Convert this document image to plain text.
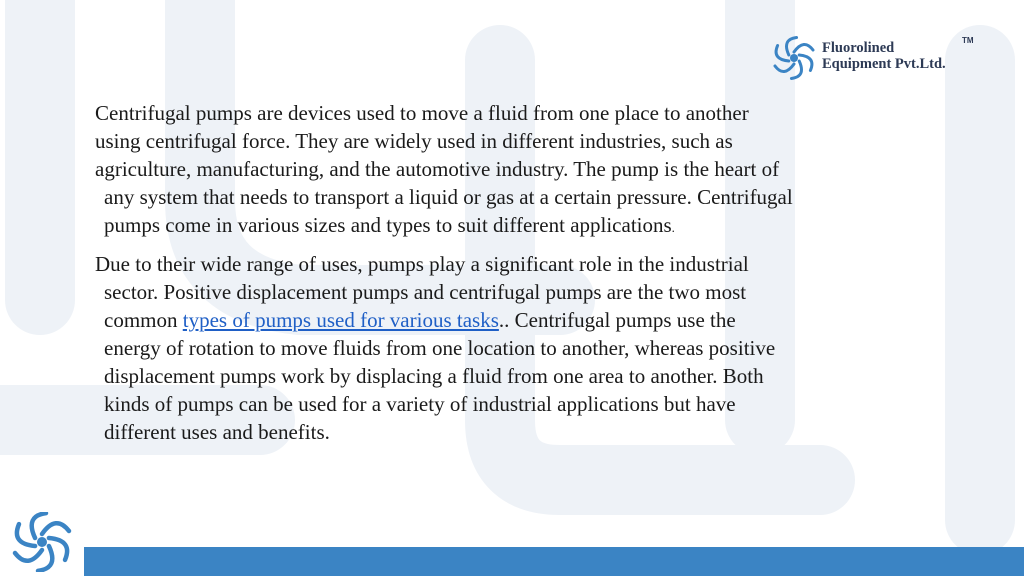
Fluorolined
Equipment Pvt.Ltd.
TM

Centrifugal pumps are devices used to move a fluid from one place to another
using centrifugal force. They are widely used in different industries, such as
agriculture, manufacturing, and the automotive industry. The pump is the heart of
any system that needs to transport a liquid or gas at a certain pressure. Centrifugal
pumps come in various sizes and types to suit different applications.

Due to their wide range of uses, pumps play a significant role in the industrial
sector. Positive displacement pumps and centrifugal pumps are the two most
common types of pumps used for various tasks.. Centrifugal pumps use the
energy of rotation to move fluids from one location to another, whereas positive
displacement pumps work by displacing a fluid from one area to another. Both
kinds of pumps can be used for a variety of industrial applications but have
different uses and benefits.
